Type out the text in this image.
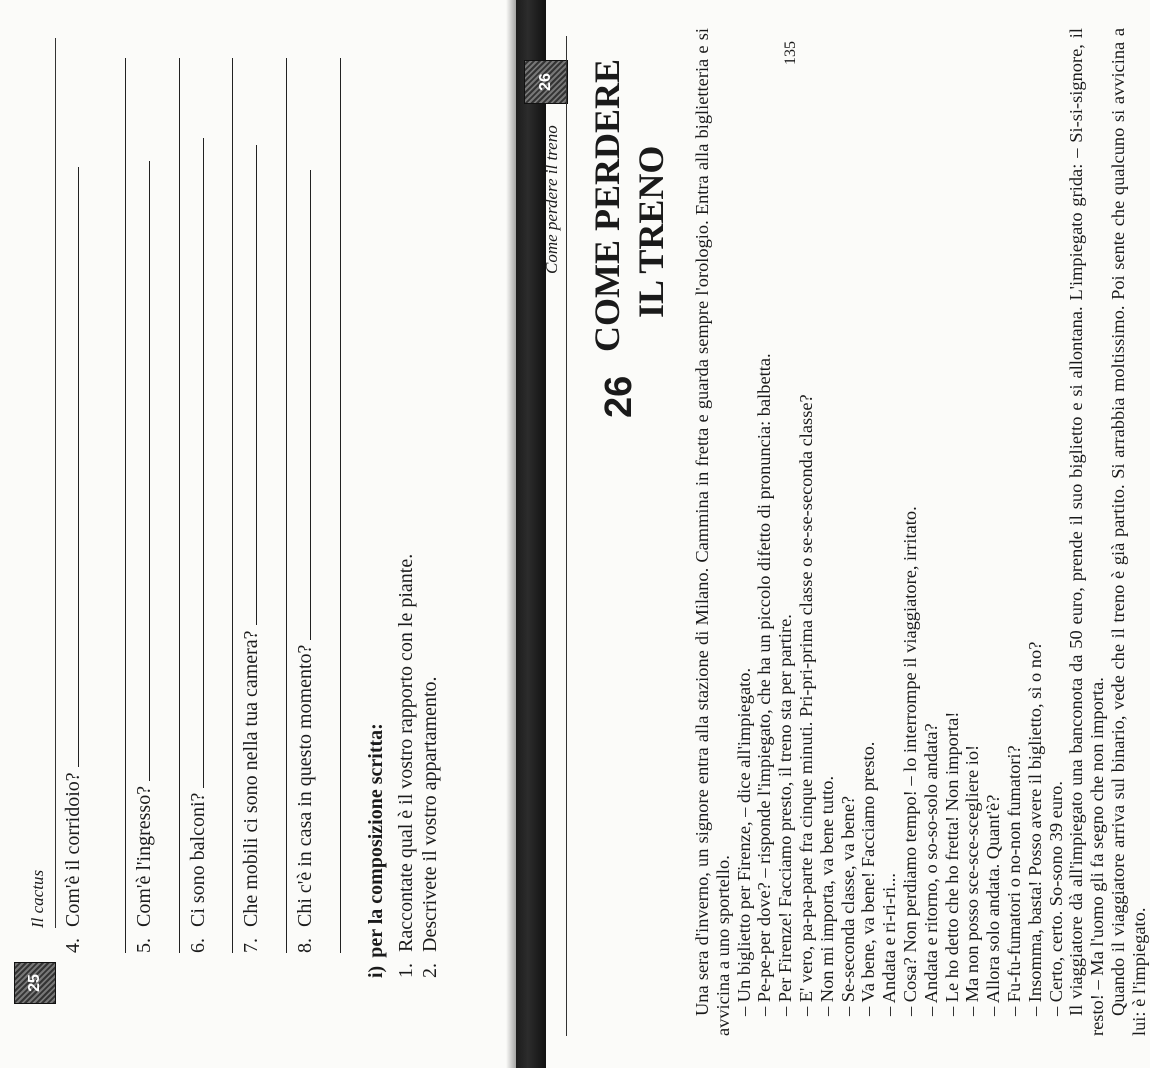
25
Il cactus
4.Com'è il corridoio?
5.Com'è l'ingresso?
6.Ci sono balconi?
7.Che mobili ci sono nella tua camera?
8.Chi c'è in casa in questo momento?
i)per la composizione scritta:
1.Raccontate qual è il vostro rapporto con le piante.
2.Descrivete il vostro appartamento.
Come perdere il treno
26
26
COME PERDERE IL TRENO Una sera d'inverno, un signore entra alla stazione di Milano. Cammina in fretta e guarda sempre l'orologio. Entra alla biglietteria e si avvicina a uno sportello. – Un biglietto per Firenze, – dice all'impiegato. – Pe-pe-per dove? – risponde l'impiegato, che ha un piccolo difetto di pronuncia: balbetta. – Per Firenze! Facciamo presto, il treno sta per partire. – E' vero, pa-pa-parte fra cinque minuti. Pri-pri-prima classe o se-se-seconda classe? – Non mi importa, va bene tutto. – Se-seconda classe, va bene? – Va bene, va bene! Facciamo presto. – Andata e ri-ri-ri... – Cosa? Non perdiamo tempo! – lo interrompe il viaggiatore, irritato. – Andata e ritorno, o so-so-solo andata? – Le ho detto che ho fretta! Non importa! – Ma non posso sce-sce-scegliere io! – Allora solo andata. Quant'è? – Fu-fu-fumatori o no-non fumatori? – Insomma, basta! Posso avere il biglietto, sì o no? – Certo, certo. So-sono 39 euro. Il viaggiatore dà all'impiegato una banconota da 50 euro, prende il suo biglietto e si allontana. L'impiegato grida: – Si-si-signore, il resto! – Ma l'uomo gli fa segno che non importa. Quando il viaggiatore arriva sul binario, vede che il treno è già partito. Si arrabbia moltissimo. Poi sente che qualcuno si avvicina a lui: è l'impiegato.

135
